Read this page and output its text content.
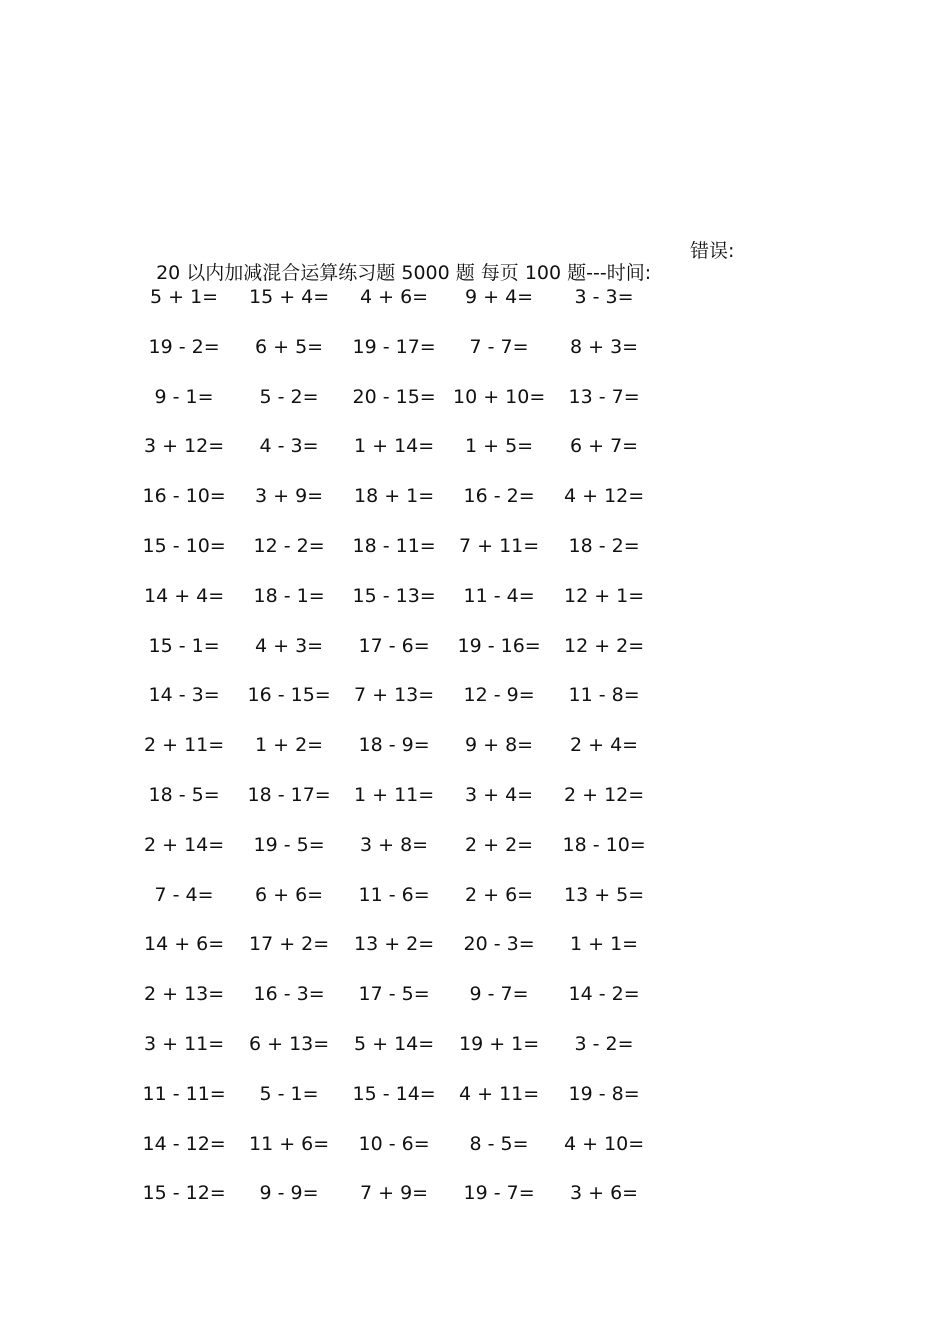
20 以内加减混合运算练习题 5000 题 每页 100 题---时间:

错误:

5 + 1= 15 + 4= 4 + 6= 9 + 4= 3 - 3=
19 - 2= 6 + 5= 19 - 17= 7 - 7= 8 + 3=
9 - 1= 5 - 2= 20 - 15= 10 + 10= 13 - 7=
3 + 12= 4 - 3= 1 + 14= 1 + 5= 6 + 7=
16 - 10= 3 + 9= 18 + 1= 16 - 2= 4 + 12=
15 - 10= 12 - 2= 18 - 11= 7 + 11= 18 - 2=
14 + 4= 18 - 1= 15 - 13= 11 - 4= 12 + 1=
15 - 1= 4 + 3= 17 - 6= 19 - 16= 12 + 2=
14 - 3= 16 - 15= 7 + 13= 12 - 9= 11 - 8=
2 + 11= 1 + 2= 18 - 9= 9 + 8= 2 + 4=
18 - 5= 18 - 17= 1 + 11= 3 + 4= 2 + 12=
2 + 14= 19 - 5= 3 + 8= 2 + 2= 18 - 10=
7 - 4= 6 + 6= 11 - 6= 2 + 6= 13 + 5=
14 + 6= 17 + 2= 13 + 2= 20 - 3= 1 + 1=
2 + 13= 16 - 3= 17 - 5= 9 - 7= 14 - 2=
3 + 11= 6 + 13= 5 + 14= 19 + 1= 3 - 2=
11 - 11= 5 - 1= 15 - 14= 4 + 11= 19 - 8=
14 - 12= 11 + 6= 10 - 6= 8 - 5= 4 + 10=
15 - 12= 9 - 9= 7 + 9= 19 - 7= 3 + 6=
